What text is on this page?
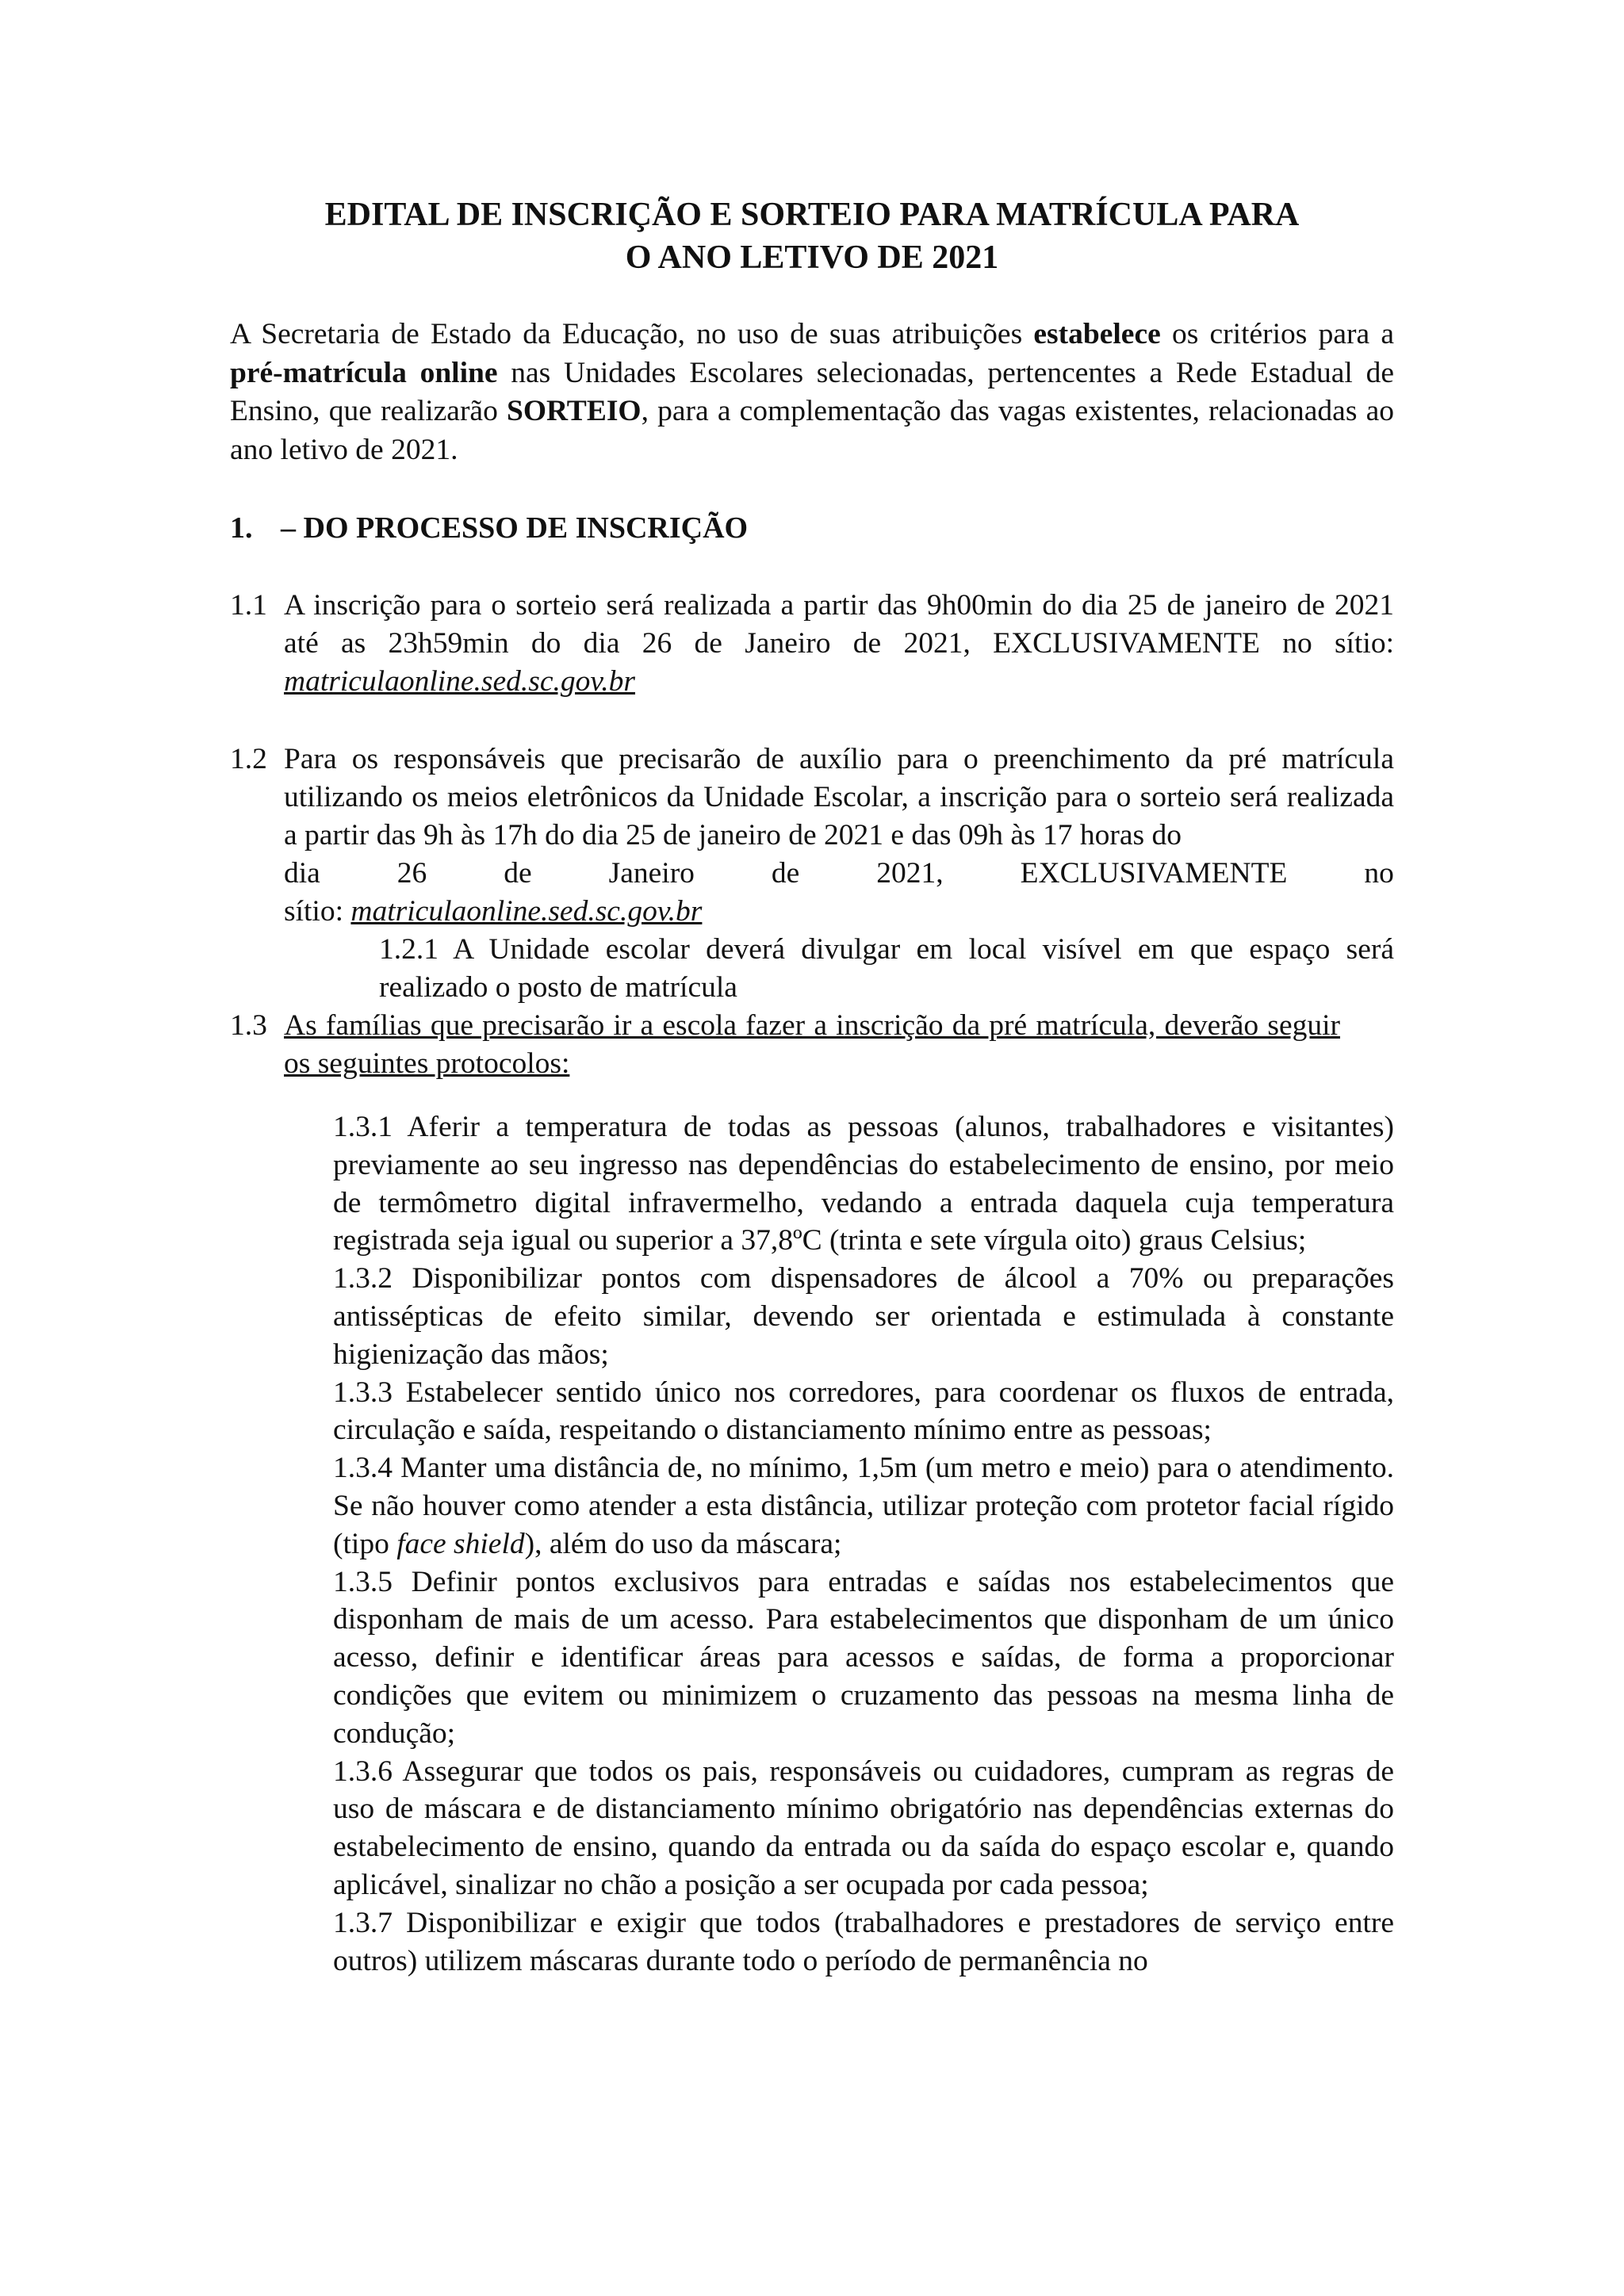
EDITAL DE INSCRIÇÃO E SORTEIO PARA MATRÍCULA PARA
O ANO LETIVO DE 2021
A Secretaria de Estado da Educação, no uso de suas atribuições estabelece os critérios para a pré-matrícula online nas Unidades Escolares selecionadas, pertencentes a Rede Estadual de Ensino, que realizarão SORTEIO, para a complementação das vagas existentes, relacionadas ao ano letivo de 2021.
1. – DO PROCESSO DE INSCRIÇÃO
1.1 A inscrição para o sorteio será realizada a partir das 9h00min do dia 25 de janeiro de 2021 até as 23h59min do dia 26 de Janeiro de 2021, EXCLUSIVAMENTE no sítio: matriculaonline.sed.sc.gov.br
1.2 Para os responsáveis que precisarão de auxílio para o preenchimento da pré matrícula utilizando os meios eletrônicos da Unidade Escolar, a inscrição para o sorteio será realizada a partir das 9h às 17h do dia 25 de janeiro de 2021 e das 09h às 17 horas do
dia	26	de	Janeiro	de	2021,	EXCLUSIVAMENTE	no
sítio: matriculaonline.sed.sc.gov.br
1.2.1 A Unidade escolar deverá divulgar em local visível em que espaço será realizado o posto de matrícula
1.3 As famílias que precisarão ir a escola fazer a inscrição da pré matrícula, deverão seguir os seguintes protocolos:

1.3.1 Aferir a temperatura de todas as pessoas (alunos, trabalhadores e visitantes) previamente ao seu ingresso nas dependências do estabelecimento de ensino, por meio de termômetro digital infravermelho, vedando a entrada daquela cuja temperatura registrada seja igual ou superior a 37,8ºC (trinta e sete vírgula oito) graus Celsius;

1.3.2 Disponibilizar pontos com dispensadores de álcool a 70% ou preparações antissépticas de efeito similar, devendo ser orientada e estimulada à constante higienização das mãos;

1.3.3 Estabelecer sentido único nos corredores, para coordenar os fluxos de entrada, circulação e saída, respeitando o distanciamento mínimo entre as pessoas;

1.3.4 Manter uma distância de, no mínimo, 1,5m (um metro e meio) para o atendimento. Se não houver como atender a esta distância, utilizar proteção com protetor facial rígido (tipo face shield), além do uso da máscara;

1.3.5 Definir pontos exclusivos para entradas e saídas nos estabelecimentos que disponham de mais de um acesso. Para estabelecimentos que disponham de um único acesso, definir e identificar áreas para acessos e saídas, de forma a proporcionar condições que evitem ou minimizem o cruzamento das pessoas na mesma linha de condução;

1.3.6 Assegurar que todos os pais, responsáveis ou cuidadores, cumpram as regras de uso de máscara e de distanciamento mínimo obrigatório nas dependências externas do estabelecimento de ensino, quando da entrada ou da saída do espaço escolar e, quando aplicável, sinalizar no chão a posição a ser ocupada por cada pessoa;

1.3.7 Disponibilizar e exigir que todos (trabalhadores e prestadores de serviço entre outros) utilizem máscaras durante todo o período de permanência no
